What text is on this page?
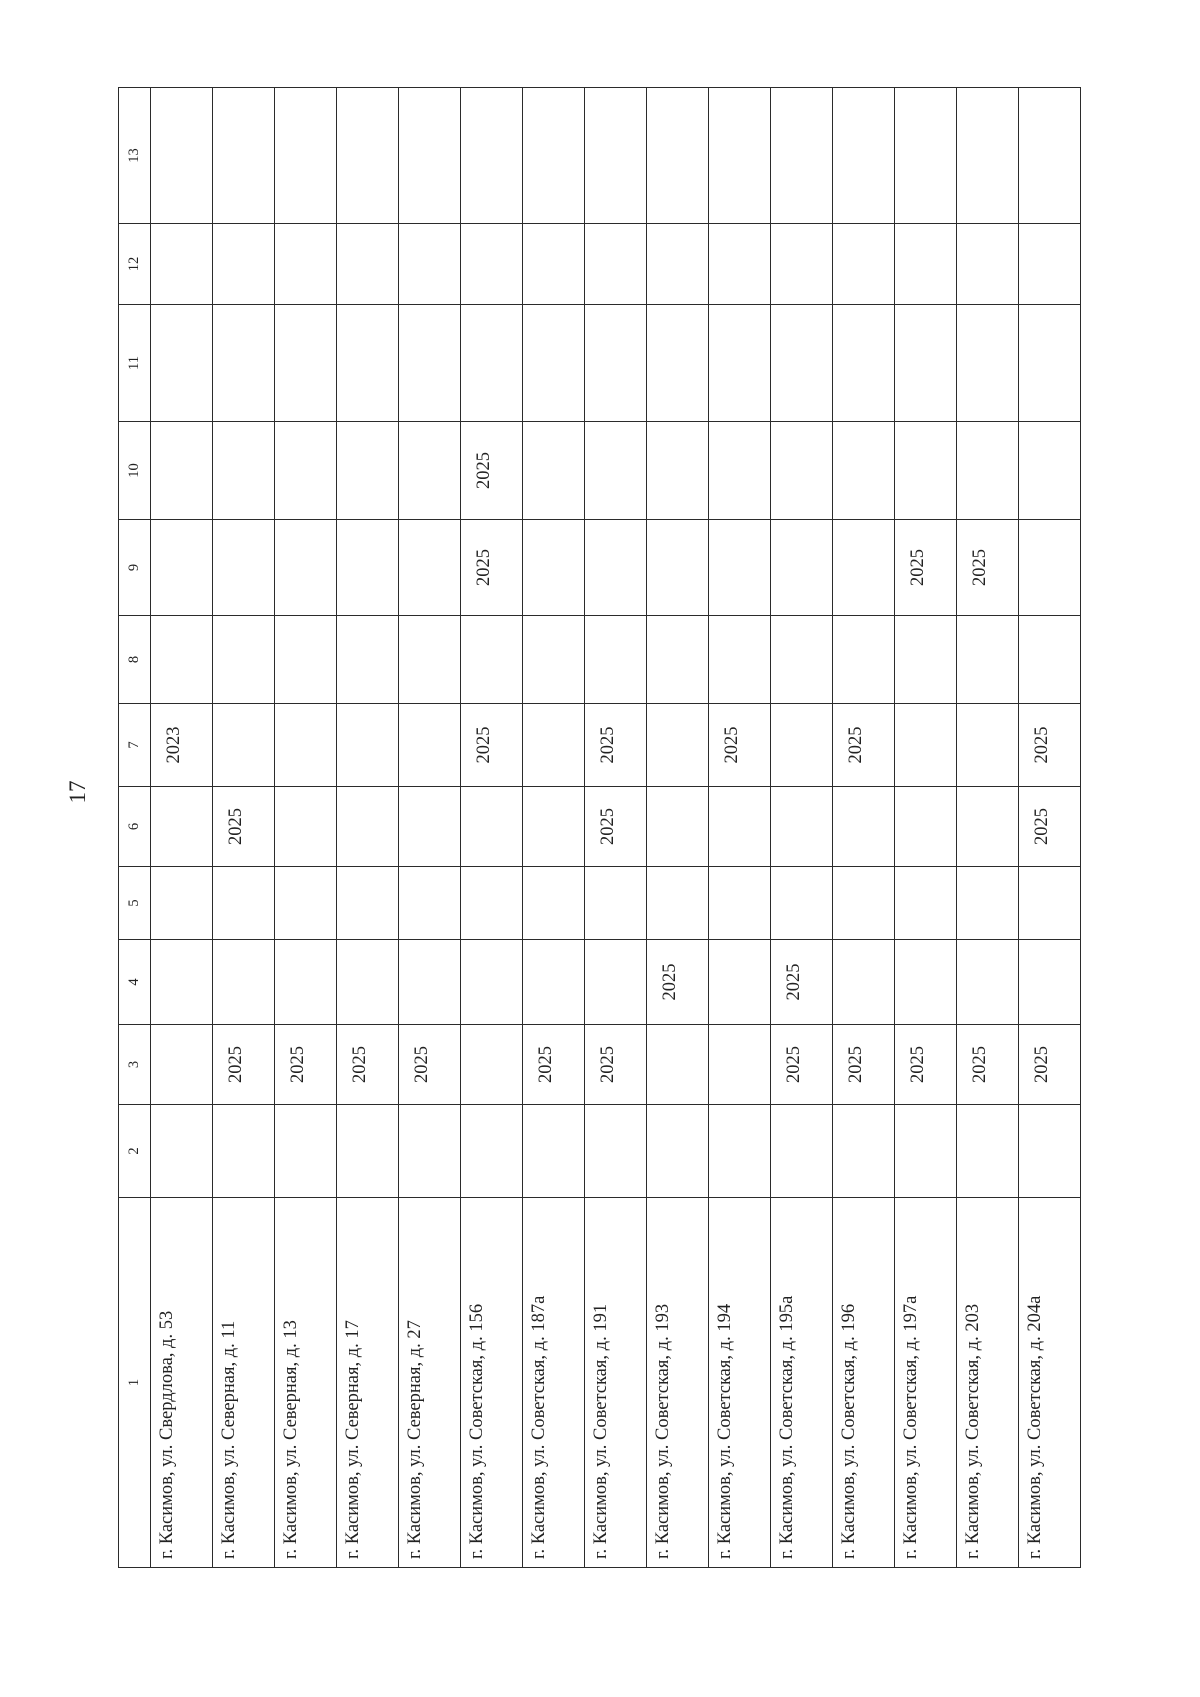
17
1	2	3	4	5	6	7	8	9	10	11	12	13
г. Касимов, ул. Свердлова, д. 53						2023						
г. Касимов, ул. Северная, д. 11		2025			2025							
г. Касимов, ул. Северная, д. 13		2025										
г. Касимов, ул. Северная, д. 17		2025										
г. Касимов, ул. Северная, д. 27		2025										
г. Касимов, ул. Советская, д. 156						2025		2025	2025			
г. Касимов, ул. Советская, д. 187а		2025										
г. Касимов, ул. Советская, д. 191		2025			2025	2025						
г. Касимов, ул. Советская, д. 193			2025									
г. Касимов, ул. Советская, д. 194						2025						
г. Касимов, ул. Советская, д. 195а		2025	2025									
г. Касимов, ул. Советская, д. 196		2025				2025						
г. Касимов, ул. Советская, д. 197а		2025						2025				
г. Касимов, ул. Советская, д. 203		2025						2025				
г. Касимов, ул. Советская, д. 204а		2025			2025	2025						
